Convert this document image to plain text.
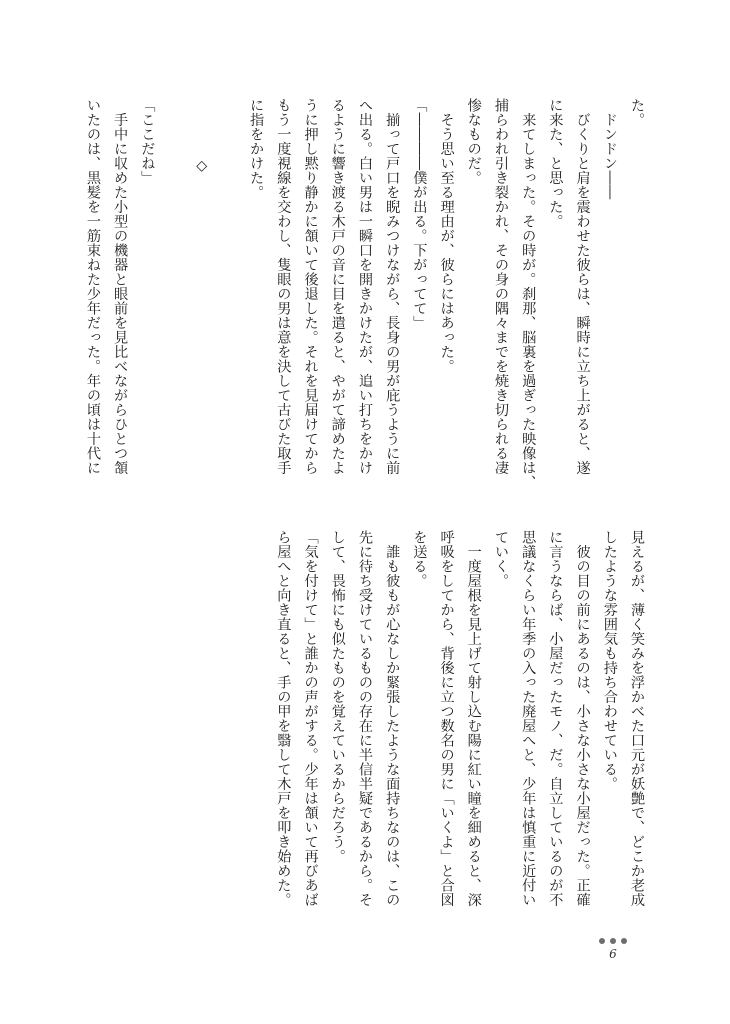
た。
　ドンドン――
　びくりと肩を震わせた彼らは、瞬時に立ち上がると、遂
に来た、と思った。
　来てしまった。その時が。刹那、脳裏を過ぎった映像は、
捕らわれ引き裂かれ、その身の隅々までを焼き切られる凄
惨なものだ。
　そう思い至る理由が、彼らにはあった。
「――――僕が出る。下がってて」
　揃って戸口を睨みつけながら、長身の男が庇うように前
へ出る。白い男は一瞬口を開きかけたが、追い打ちをかけ
るように響き渡る木戸の音に目を遣ると、やがて諦めたよ
うに押し黙り静かに頷いて後退した。それを見届けてから
もう一度視線を交わし、隻眼の男は意を決して古びた取手
に指をかけた。

◇

「ここだね」
　手中に収めた小型の機器と眼前を見比べながらひとつ頷
いたのは、黒髪を一筋束ねた少年だった。年の頃は十代に
見えるが、薄く笑みを浮かべた口元が妖艶で、どこか老成
したような雰囲気も持ち合わせている。
　彼の目の前にあるのは、小さな小さな小屋だった。正確
に言うならば、小屋だったモノ、だ。自立しているのが不
思議なくらい年季の入った廃屋へと、少年は慎重に近付い
ていく。
　一度屋根を見上げて射し込む陽に紅い瞳を細めると、深
呼吸をしてから、背後に立つ数名の男に「いくよ」と合図
を送る。
　誰も彼もが心なしか緊張したような面持ちなのは、この
先に待ち受けているものの存在に半信半疑であるから。そ
して、畏怖にも似たものを覚えているからだろう。
「気を付けて」と誰かの声がする。少年は頷いて再びあば
ら屋へと向き直ると、手の甲を翳して木戸を叩き始めた。
6
